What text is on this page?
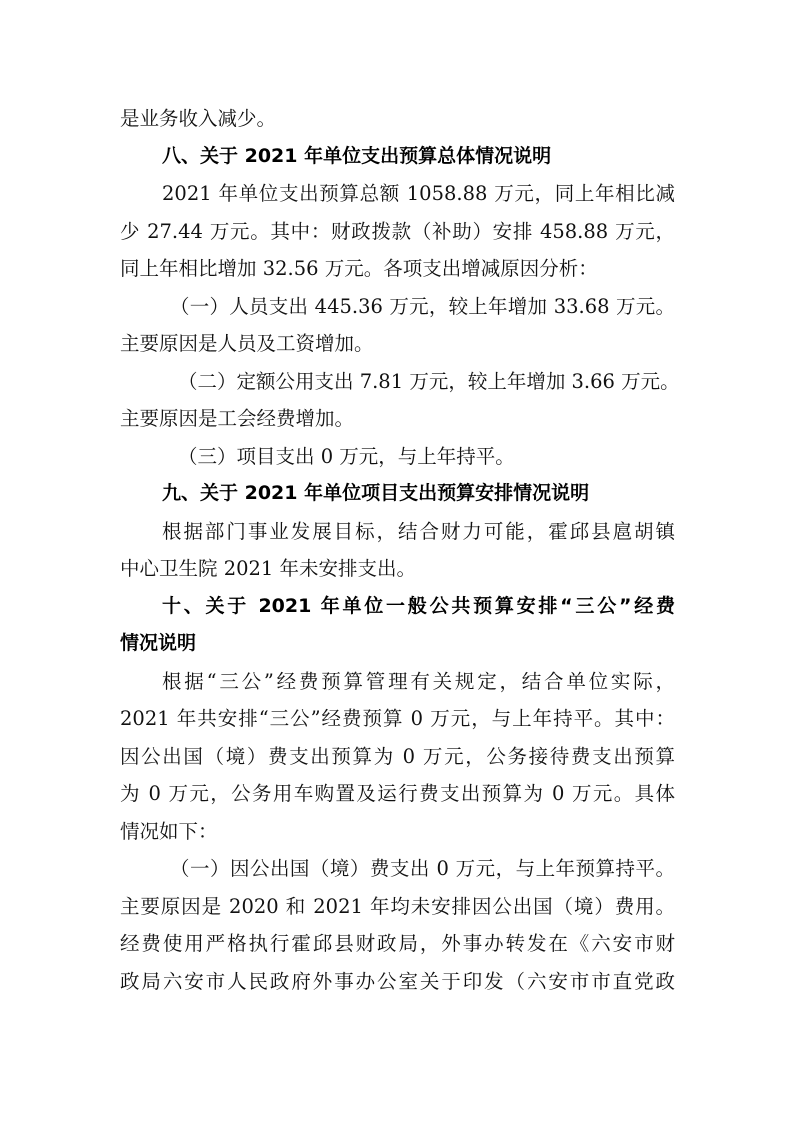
是业务收入减少。
八、关于 2021 年单位支出预算总体情况说明
2021 年单位支出预算总额 1058.88 万元，同上年相比减
少 27.44 万元。其中：财政拨款（补助）安排 458.88 万元，
同上年相比增加 32.56 万元。各项支出增减原因分析：
（一）人员支出 445.36 万元，较上年增加 33.68 万元。
主要原因是人员及工资增加。
（二）定额公用支出 7.81 万元，较上年增加 3.66 万元。
主要原因是工会经费增加。
（三）项目支出 0 万元，与上年持平。
九、关于 2021 年单位项目支出预算安排情况说明
根据部门事业发展目标，结合财力可能，霍邱县扈胡镇
中心卫生院 2021 年未安排支出。
十、关于 2021 年单位一般公共预算安排“三公”经费
情况说明
根据“三公”经费预算管理有关规定，结合单位实际，
2021 年共安排“三公”经费预算 0 万元，与上年持平。其中：
因公出国（境）费支出预算为 0 万元，公务接待费支出预算
为 0 万元，公务用车购置及运行费支出预算为 0 万元。具体
情况如下：
（一）因公出国（境）费支出 0 万元，与上年预算持平。
主要原因是 2020 和 2021 年均未安排因公出国（境）费用。
经费使用严格执行霍邱县财政局，外事办转发在《六安市财
政局六安市人民政府外事办公室关于印发（六安市市直党政
